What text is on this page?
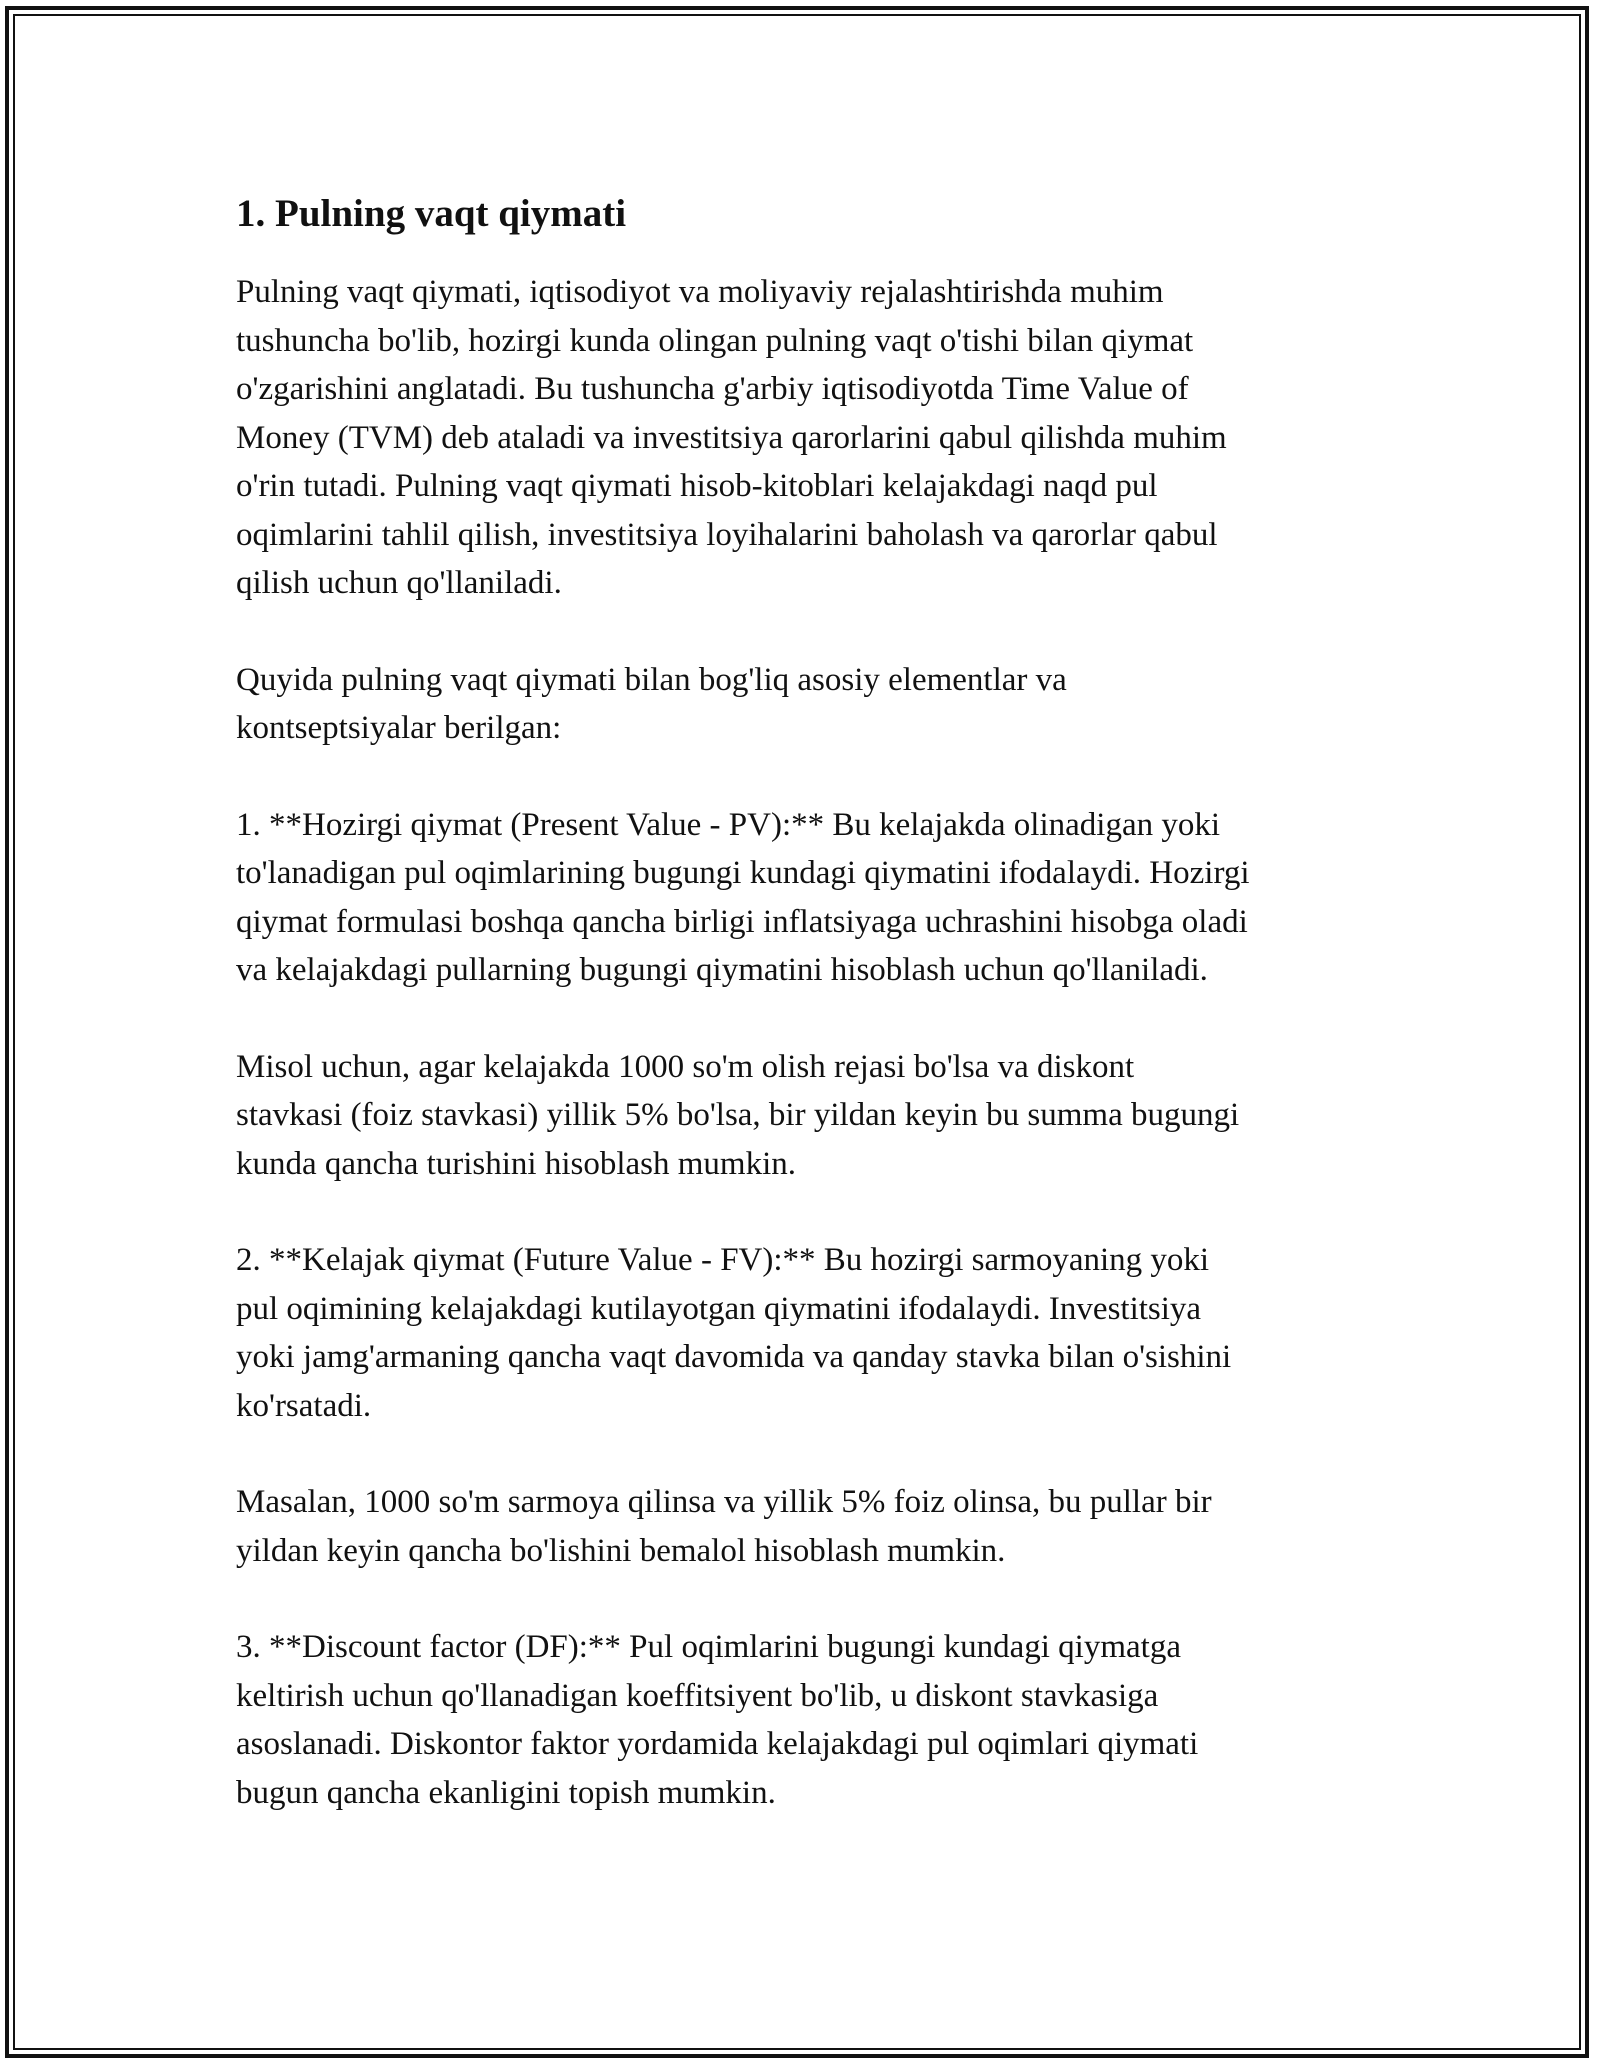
1. Pulning vaqt qiymati

Pulning vaqt qiymati, iqtisodiyot va moliyaviy rejalashtirishda muhim
tushuncha bo'lib, hozirgi kunda olingan pulning vaqt o'tishi bilan qiymat
o'zgarishini anglatadi. Bu tushuncha g'arbiy iqtisodiyotda Time Value of
Money (TVM) deb ataladi va investitsiya qarorlarini qabul qilishda muhim
o'rin tutadi. Pulning vaqt qiymati hisob-kitoblari kelajakdagi naqd pul
oqimlarini tahlil qilish, investitsiya loyihalarini baholash va qarorlar qabul
qilish uchun qo'llaniladi.

Quyida pulning vaqt qiymati bilan bog'liq asosiy elementlar va
kontseptsiyalar berilgan:

1. **Hozirgi qiymat (Present Value - PV):** Bu kelajakda olinadigan yoki
to'lanadigan pul oqimlarining bugungi kundagi qiymatini ifodalaydi. Hozirgi
qiymat formulasi boshqa qancha birligi inflatsiyaga uchrashini hisobga oladi
va kelajakdagi pullarning bugungi qiymatini hisoblash uchun qo'llaniladi.

Misol uchun, agar kelajakda 1000 so'm olish rejasi bo'lsa va diskont
stavkasi (foiz stavkasi) yillik 5% bo'lsa, bir yildan keyin bu summa bugungi
kunda qancha turishini hisoblash mumkin.

2. **Kelajak qiymat (Future Value - FV):** Bu hozirgi sarmoyaning yoki
pul oqimining kelajakdagi kutilayotgan qiymatini ifodalaydi. Investitsiya
yoki jamg'armaning qancha vaqt davomida va qanday stavka bilan o'sishini
ko'rsatadi.

Masalan, 1000 so'm sarmoya qilinsa va yillik 5% foiz olinsa, bu pullar bir
yildan keyin qancha bo'lishini bemalol hisoblash mumkin.

3. **Discount factor (DF):** Pul oqimlarini bugungi kundagi qiymatga
keltirish uchun qo'llanadigan koeffitsiyent bo'lib, u diskont stavkasiga
asoslanadi. Diskontor faktor yordamida kelajakdagi pul oqimlari qiymati
bugun qancha ekanligini topish mumkin.
